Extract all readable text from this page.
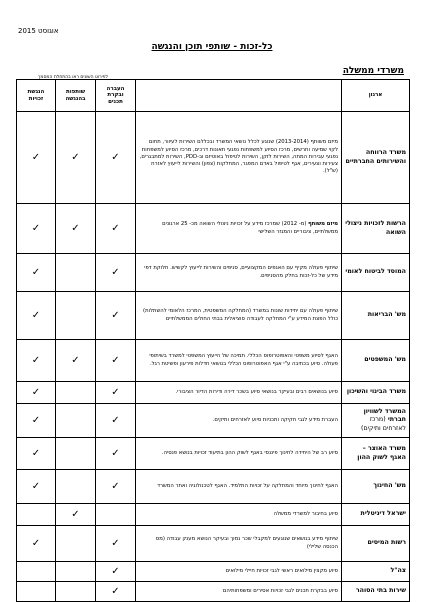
אוגוסט 2015
כל-זכות - שותפי תוכן והנגשה
משרדי ממשלה
לפירוט השונים ראו בהתחלת המסמך
ארגון		העברה ובקרת תכנים	שותפות בהנגשה	הנגשת זכויות
משרד הרווחה והשירותים החברתיים	מיזם משותף (2013-2014) שנוגע לכלל נושאי המשרד ובכללם השירות לעיוור, תחום לקוי שמיעה וחרשים, מרכז הסיוע למשפחות נפגעי תאונות דרכים, מרכז הסיוע למשפחות נפגעי עבירות המתה, השירות לזקן, השירות לטיפול באוטיזם וב-PDD, השירות למתבגרים, צעירות וצעירים, אגף לטיפול באדם המפגר, המחלקות (צפון) והשירות לייעוץ לאזרח (ש"ל).	✓	✓	✓
הרשות לזכויות ניצולי השואה	מיזם משותף (מ- 2012) שמרכז מידע על זכויות ניצולי השואה מכ- 25 ארגונים ממשלתיים, ציבוריים והמגזר השלישי	✓	✓	✓
המוסד לביטוח לאומי	שיתוף פעולה מקיף עם האגפים המקצועיים, סניפים והשירות לייעוץ לקשיש. חלוקת דפי מידע של כל-זכות בחלק מהסניפים.	✓		✓
מש' הבריאות	שיתוף פעולה עם יחידות שונות במשרד (המחלקה המשפטית, המרכז הלאומי להשתלות) כולל הפצת המידע ע"י המחלקה לעבודה סוציאלית בבתי החולים הממשלתיים	✓		✓
מש' המשפטים	האגף לסיוע משפטי והאפוטרופוס הכללי. תמיכה של הייעוץ המשפטי למשרד בשיתופי פעולה. סיוע בכתיבה ע"י אגף האפוטרופוס הכללי בנושאי חדלות פירעון ופשיטת רגל.	✓	✓	✓
משרד הבינוי והשיכון	סיוע בנושאים רבים ובעיקר בנושאי סיוע בשכר דירה ודירות הדיור הציבורי.	✓		✓
המשרד לשוויון חברתי (מרכז לאזרחים ותיקים)	העברת מידע לגבי חקיקה ותכניות סיוע לאזרחים ותיקים.	✓		✓
משרד האוצר – האגף לשוק ההון	סיוע רב של היחידה לחינוך פיננסי באגף לשוק ההון בתיעוד זכויות בנושא פנסיה.	✓		✓
מש' החינוך	האגף לחינוך מיוחד והמחלקה על זכויות התלמיד. האגף לטכנולוגיה ואתר המשרד	✓		✓
ישראל דיגיטלית	סיוע בחיבור למשרדי ממשלה		✓	
רשות המיסים	שיתוף מידע בנושאים שנוגעים למקבלי שכר נמוך ובעיקר הנושא מענק עבודה (מס הכנסה שלילי)	✓		✓
צה"ל	סיוע מקצין מילואים ראשי לגבי זכויות חיילי מילואים	✓		
שירות בתי הסוהר	סיוע בבקרת תכנים לגבי זכויות אסירים ומשפחותיהם	✓		
